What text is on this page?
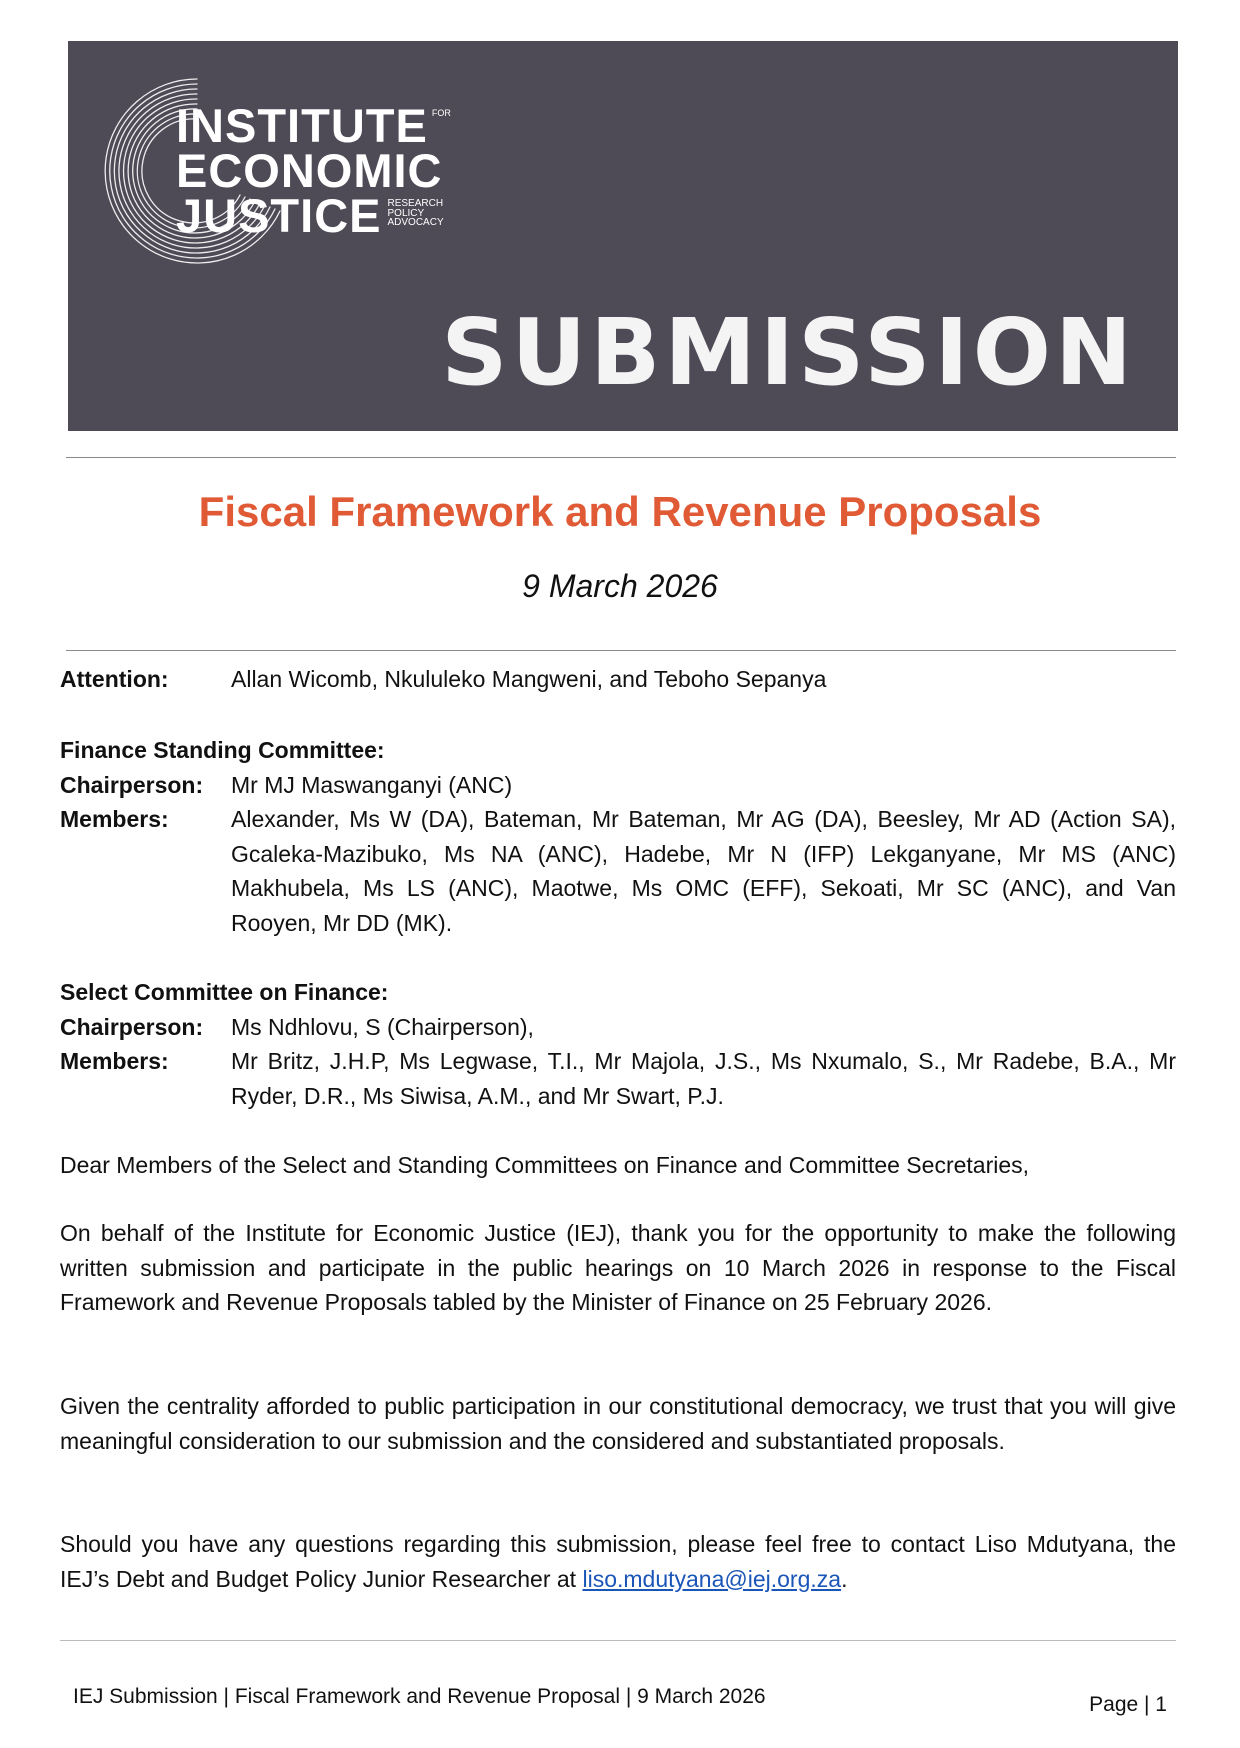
INSTITUTE FOR
ECONOMIC
JUSTICE RESEARCH
POLICY
ADVOCACY
SUBMISSION
Fiscal Framework and Revenue Proposals
9 March 2026
Attention:	Allan Wicomb, Nkululeko Mangweni, and Teboho Sepanya
Finance Standing Committee:
Chairperson:	Mr MJ Maswanganyi (ANC)
Members:	Alexander, Ms W (DA), Bateman, Mr Bateman, Mr AG (DA), Beesley, Mr AD (Action SA), Gcaleka-Mazibuko, Ms NA (ANC), Hadebe, Mr N (IFP) Lekganyane, Mr MS (ANC) Makhubela, Ms LS (ANC), Maotwe, Ms OMC (EFF), Sekoati, Mr SC (ANC), and Van Rooyen, Mr DD (MK).
Select Committee on Finance:
Chairperson:	Ms Ndhlovu, S (Chairperson),
Members:	Mr Britz, J.H.P, Ms Legwase, T.I., Mr Majola, J.S., Ms Nxumalo, S., Mr Radebe, B.A., Mr Ryder, D.R., Ms Siwisa, A.M., and Mr Swart, P.J.
Dear Members of the Select and Standing Committees on Finance and Committee Secretaries,
On behalf of the Institute for Economic Justice (IEJ), thank you for the opportunity to make the following written submission and participate in the public hearings on 10 March 2026 in response to the Fiscal Framework and Revenue Proposals tabled by the Minister of Finance on 25 February 2026.
Given the centrality afforded to public participation in our constitutional democracy, we trust that you will give meaningful consideration to our submission and the considered and substantiated proposals.
Should you have any questions regarding this submission, please feel free to contact Liso Mdutyana, the IEJ’s Debt and Budget Policy Junior Researcher at liso.mdutyana@iej.org.za.
IEJ Submission | Fiscal Framework and Revenue Proposal | 9 March 2026	Page | 1
